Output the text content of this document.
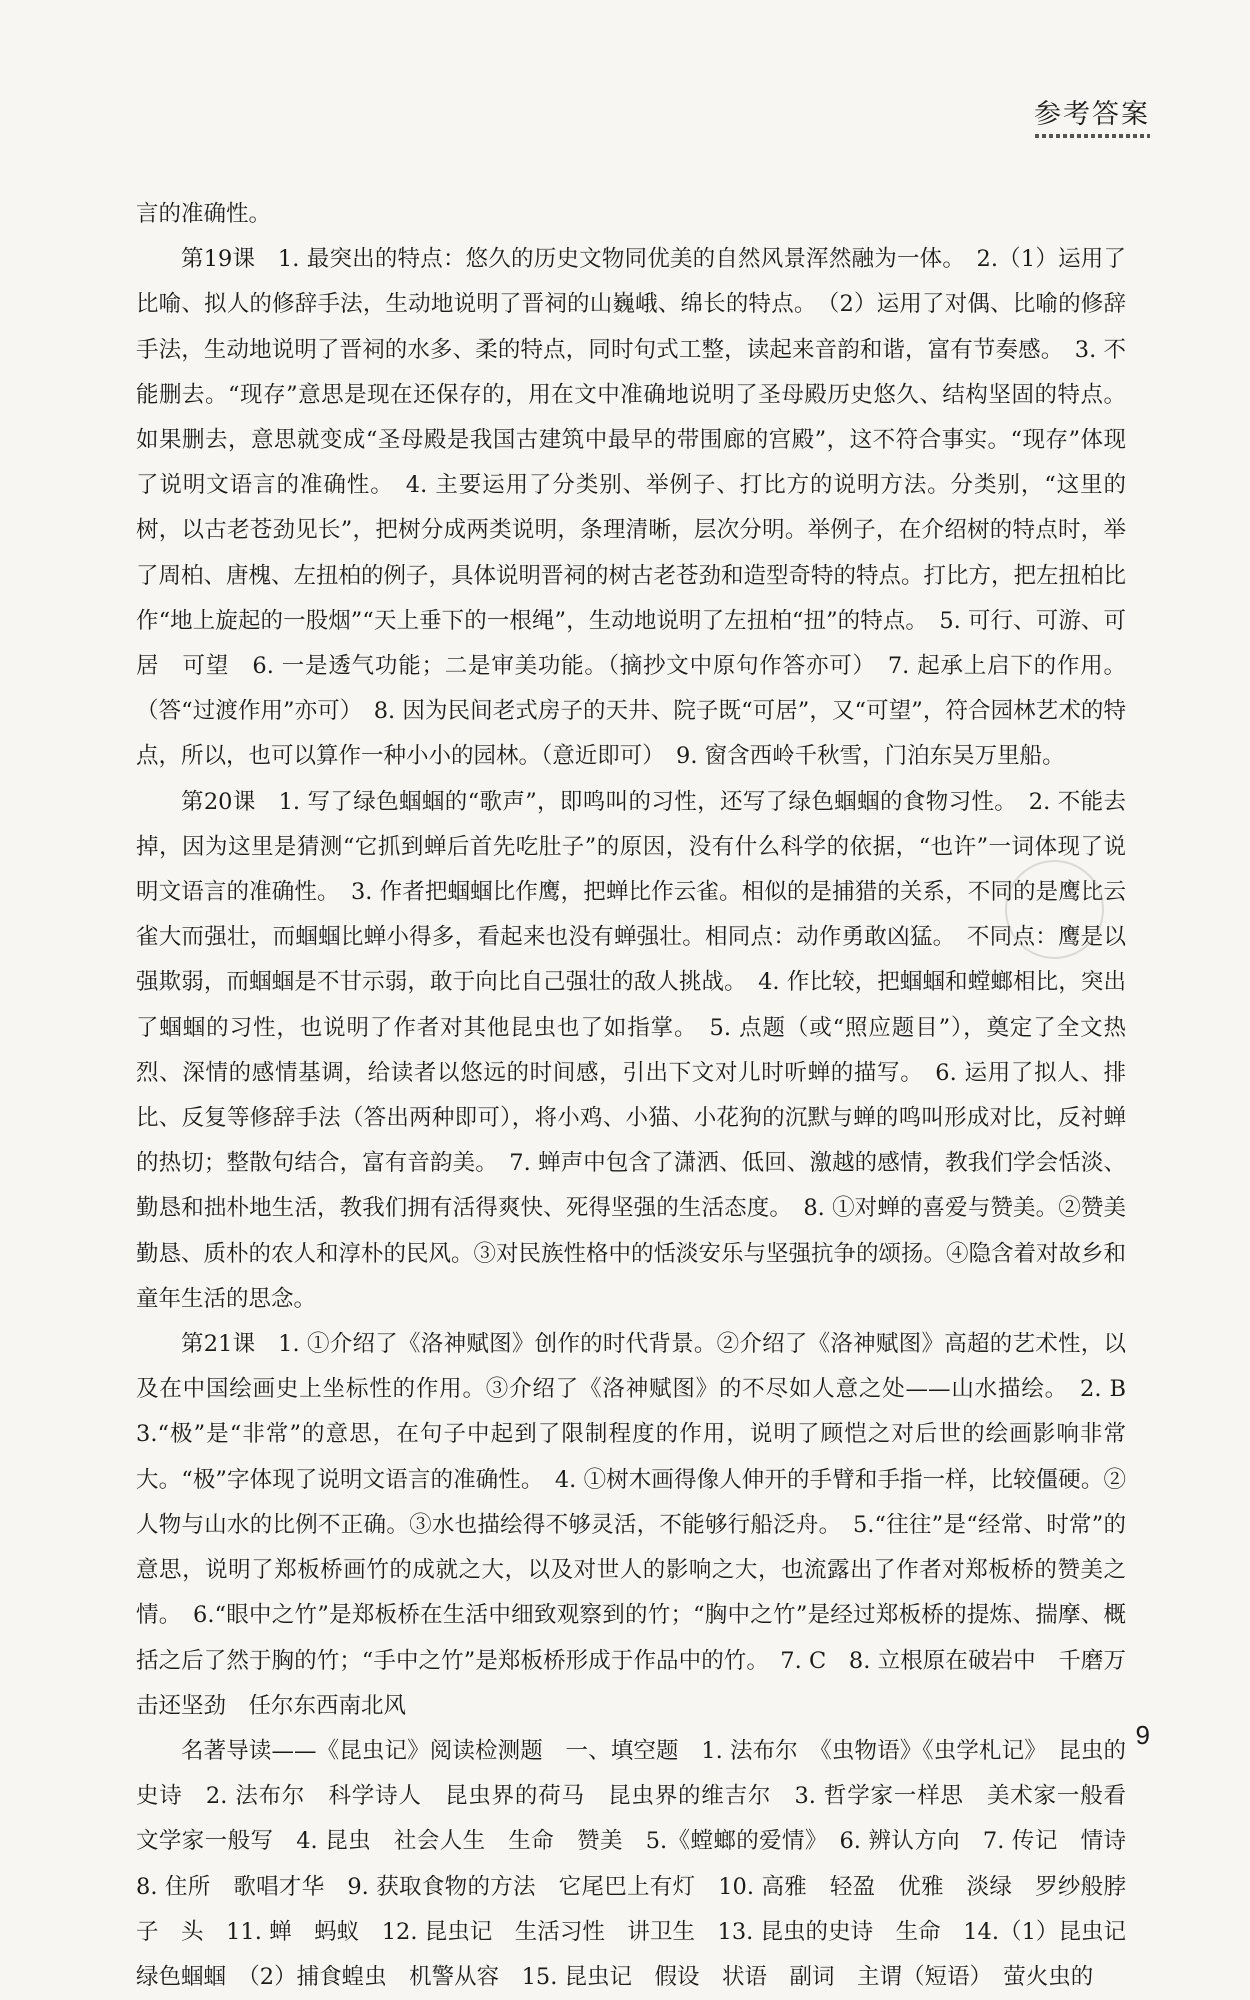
参考答案

言的准确性。

第19课　1. 最突出的特点：悠久的历史文物同优美的自然风景浑然融为一体。　2.（1）运用了比喻、拟人的修辞手法，生动地说明了晋祠的山巍峨、绵长的特点。　（2）运用了对偶、比喻的修辞手法，生动地说明了晋祠的水多、柔的特点，同时句式工整，读起来音韵和谐，富有节奏感。　3. 不能删去。“现存”意思是现在还保存的，用在文中准确地说明了圣母殿历史悠久、结构坚固的特点。如果删去，意思就变成“圣母殿是我国古建筑中最早的带围廊的宫殿”，这不符合事实。“现存”体现了说明文语言的准确性。　4. 主要运用了分类别、举例子、打比方的说明方法。分类别，“这里的树，以古老苍劲见长”，把树分成两类说明，条理清晰，层次分明。举例子，在介绍树的特点时，举了周柏、唐槐、左扭柏的例子，具体说明晋祠的树古老苍劲和造型奇特的特点。打比方，把左扭柏比作“地上旋起的一股烟”“天上垂下的一根绳”，生动地说明了左扭柏“扭”的特点。　5. 可行、可游、可居　可望　6. 一是透气功能；二是审美功能。（摘抄文中原句作答亦可）　7. 起承上启下的作用。（答“过渡作用”亦可）　8. 因为民间老式房子的天井、院子既“可居”，又“可望”，符合园林艺术的特点，所以，也可以算作一种小小的园林。（意近即可）　9. 窗含西岭千秋雪，门泊东吴万里船。

第20课　1. 写了绿色蝈蝈的“歌声”，即鸣叫的习性，还写了绿色蝈蝈的食物习性。　2. 不能去掉，因为这里是猜测“它抓到蝉后首先吃肚子”的原因，没有什么科学的依据，“也许”一词体现了说明文语言的准确性。　3. 作者把蝈蝈比作鹰，把蝉比作云雀。相似的是捕猎的关系，不同的是鹰比云雀大而强壮，而蝈蝈比蝉小得多，看起来也没有蝉强壮。相同点：动作勇敢凶猛。　不同点：鹰是以强欺弱，而蝈蝈是不甘示弱，敢于向比自己强壮的敌人挑战。　4. 作比较，把蝈蝈和螳螂相比，突出了蝈蝈的习性，也说明了作者对其他昆虫也了如指掌。　5. 点题（或“照应题目”），奠定了全文热烈、深情的感情基调，给读者以悠远的时间感，引出下文对儿时听蝉的描写。　6. 运用了拟人、排比、反复等修辞手法（答出两种即可），将小鸡、小猫、小花狗的沉默与蝉的鸣叫形成对比，反衬蝉的热切；整散句结合，富有音韵美。　7. 蝉声中包含了潇洒、低回、激越的感情，教我们学会恬淡、勤恳和拙朴地生活，教我们拥有活得爽快、死得坚强的生活态度。　8. ①对蝉的喜爱与赞美。②赞美勤恳、质朴的农人和淳朴的民风。③对民族性格中的恬淡安乐与坚强抗争的颂扬。④隐含着对故乡和童年生活的思念。

第21课　1. ①介绍了《洛神赋图》创作的时代背景。②介绍了《洛神赋图》高超的艺术性，以及在中国绘画史上坐标性的作用。③介绍了《洛神赋图》的不尽如人意之处——山水描绘。　2. B　3.“极”是“非常”的意思，在句子中起到了限制程度的作用，说明了顾恺之对后世的绘画影响非常大。“极”字体现了说明文语言的准确性。　4. ①树木画得像人伸开的手臂和手指一样，比较僵硬。②人物与山水的比例不正确。③水也描绘得不够灵活，不能够行船泛舟。　5.“往往”是“经常、时常”的意思，说明了郑板桥画竹的成就之大，以及对世人的影响之大，也流露出了作者对郑板桥的赞美之情。　6.“眼中之竹”是郑板桥在生活中细致观察到的竹；“胸中之竹”是经过郑板桥的提炼、揣摩、概括之后了然于胸的竹；“手中之竹”是郑板桥形成于作品中的竹。　7. C　8. 立根原在破岩中　千磨万击还坚劲　任尔东西南北风

名著导读——《昆虫记》阅读检测题　一、填空题　1. 法布尔　《虫物语》《虫学札记》　昆虫的史诗　2. 法布尔　科学诗人　昆虫界的荷马　昆虫界的维吉尔　3. 哲学家一样思　美术家一般看　文学家一般写　4. 昆虫　社会人生　生命　赞美　5.《螳螂的爱情》　6. 辨认方向　7. 传记　情诗　8. 住所　歌唱才华　9. 获取食物的方法　它尾巴上有灯　10. 高雅　轻盈　优雅　淡绿　罗纱般脖子　头　11. 蝉　蚂蚁　12. 昆虫记　生活习性　讲卫生　13. 昆虫的史诗　生命　14.（1）昆虫记　绿色蝈蝈　（2）捕食蝗虫　机警从容　15. 昆虫记　假设　状语　副词　主谓（短语）　萤火虫的

9
